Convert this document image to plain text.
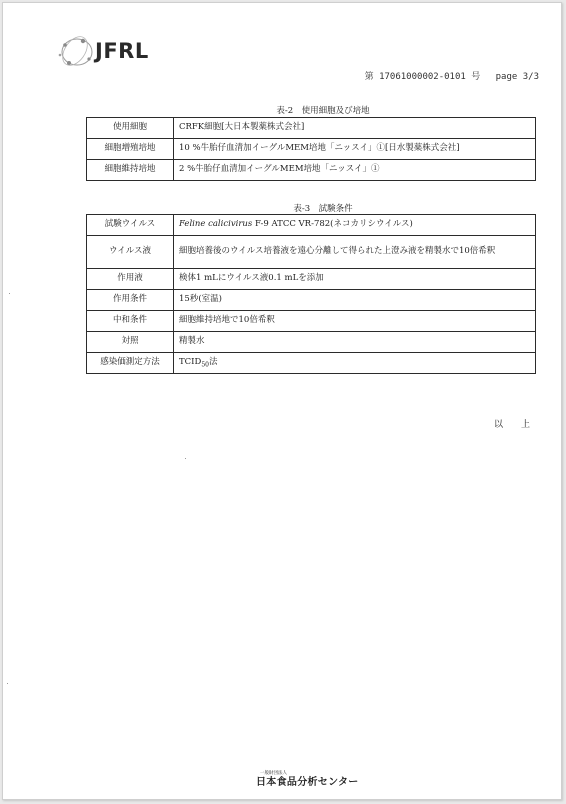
JFRL
第 17061000002-0101 号 page 3/3
表-2　使用細胞及び培地
使用細胞	CRFK細胞[大日本製薬株式会社]
細胞増殖培地	10 %牛胎仔血清加イーグルMEM培地「ニッスイ」①[日水製薬株式会社]
細胞維持培地	2 %牛胎仔血清加イーグルMEM培地「ニッスイ」①
表-3　試験条件
試験ウイルス	Feline calicivirus F-9 ATCC VR-782(ネコカリシウイルス)
ウイルス液	細胞培養後のウイルス培養液を遠心分離して得られた上澄み液を精製水で10倍希釈
作用液	検体1 mLにウイルス液0.1 mLを添加
作用条件	15秒(室温)
中和条件	細胞維持培地で10倍希釈
対照	精製水
感染価測定方法	$TCID_{50}$法
以上
一般財団法人
日本食品分析センター
